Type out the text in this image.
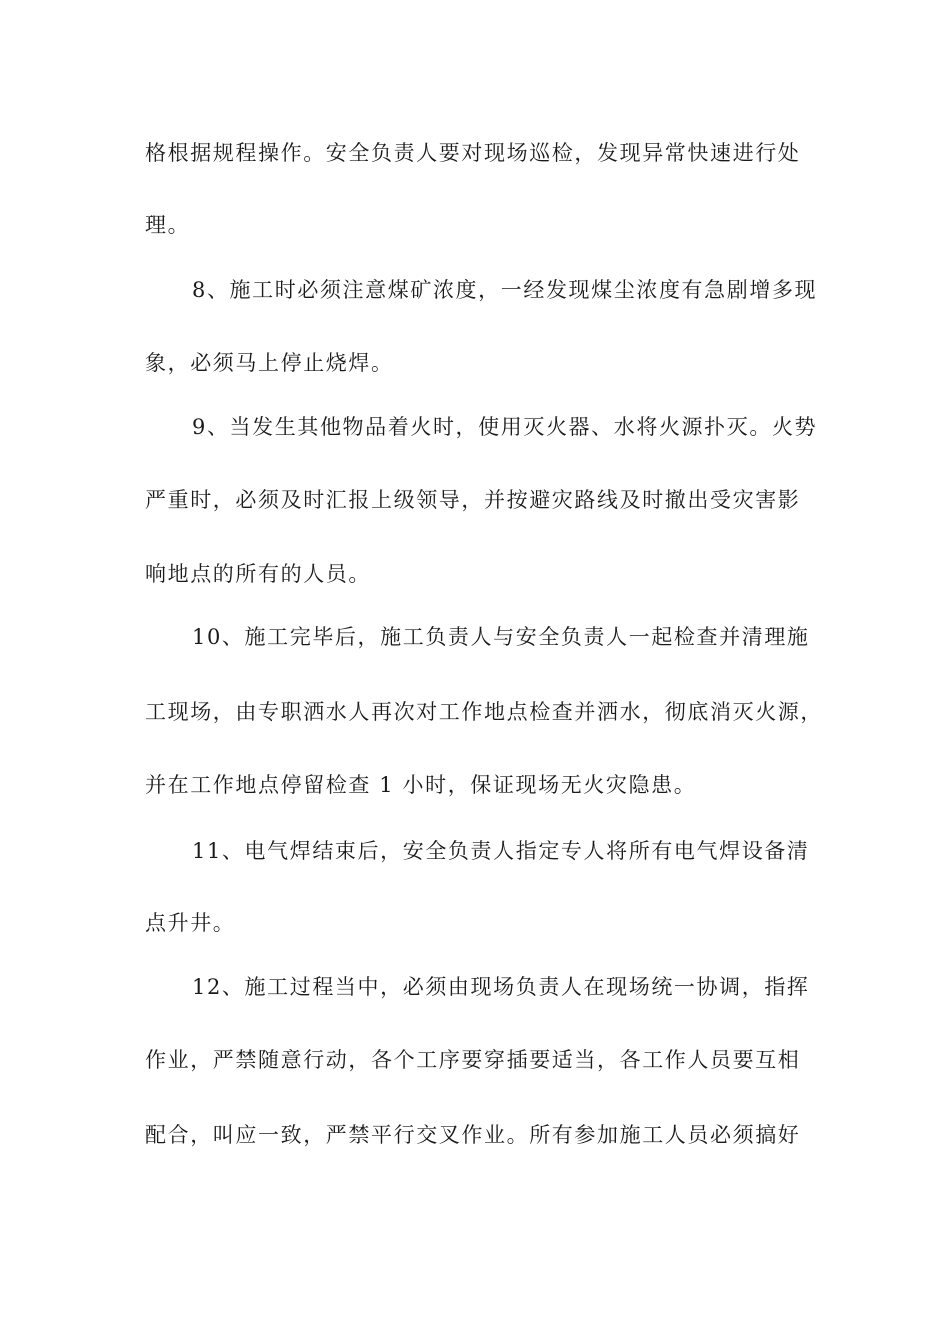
格根据规程操作。安全负责人要对现场巡检，发现异常快速进行处
理。
8、施工时必须注意煤矿浓度，一经发现煤尘浓度有急剧增多现
象，必须马上停止烧焊。
9、当发生其他物品着火时，使用灭火器、水将火源扑灭。火势
严重时，必须及时汇报上级领导，并按避灾路线及时撤出受灾害影
响地点的所有的人员。
10、施工完毕后，施工负责人与安全负责人一起检查并清理施
工现场，由专职洒水人再次对工作地点检查并洒水，彻底消灭火源，
并在工作地点停留检查 1 小时，保证现场无火灾隐患。
11、电气焊结束后，安全负责人指定专人将所有电气焊设备清
点升井。
12、施工过程当中，必须由现场负责人在现场统一协调，指挥
作业，严禁随意行动，各个工序要穿插要适当，各工作人员要互相
配合，叫应一致，严禁平行交叉作业。所有参加施工人员必须搞好
